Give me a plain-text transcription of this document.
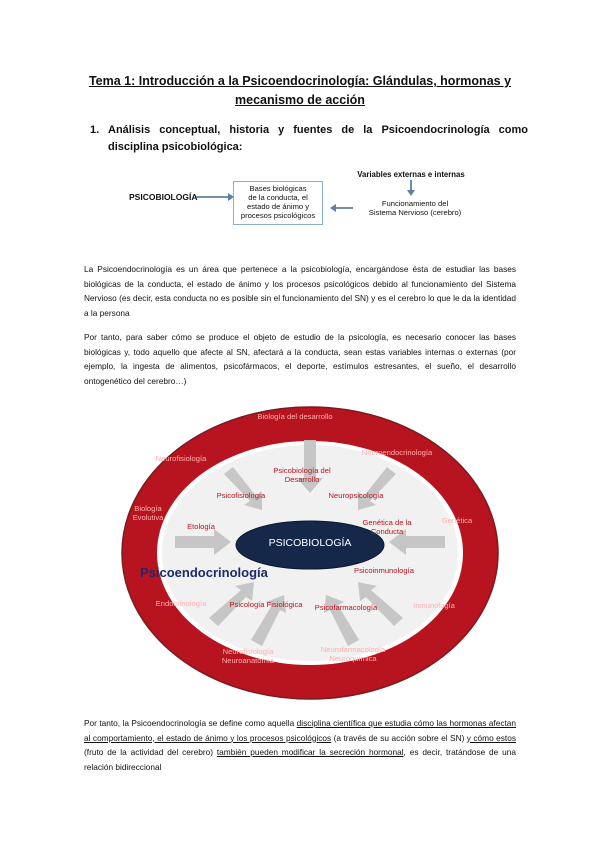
Tema 1: Introducción a la Psicoendocrinología: Glándulas, hormonas y
mecanismo de acción
1. Análisis conceptual, historia y fuentes de la Psicoendocrinología como
disciplina psicobiológica:
PSICOBIOLOGÍA
Bases biológicas
de la conducta, el
estado de ánimo y
procesos psicológicos
Variables externas e internas
Funcionamiento del
Sistema Nervioso (cerebro)
La Psicoendocrinología es un área que pertenece a la psicobiología, encargándose ésta de estudiar las bases biológicas de la conducta, el estado de ánimo y los procesos psicológicos debido al funcionamiento del Sistema Nervioso (es decir, esta conducta no es posible sin el funcionamiento del SN) y es el cerebro lo que le da la identidad a la persona
Por tanto, para saber cómo se produce el objeto de estudio de la psicología, es necesario conocer las bases biológicas y, todo aquello que afecte al SN, afectará a la conducta, sean estas variables internas o externas (por ejemplo, la ingesta de alimentos, psicofármacos, el deporte, estímulos estresantes, el sueño, el desarrollo ontogenético del cerebro…)
PSICOBIOLOGÍA
Psicoendocrinología
Biología del desarrollo
Neurofisiología
Neuroendocrinología
Biología Evolutiva	Genética
Endocrinología	Inmunología
Neurofisiología Neuroanatomía
Neurofarmacología Neuroquímica
Psicobiología del Desarrollo
Psicofisiología	Neuropsicología
Etología	Genética de la Conducta
Psicoinmunología
Psicología Fisiológica	Psicofarmacología
Por tanto, la Psicoendocrinología se define como aquella disciplina científica que estudia cómo las hormonas afectan al comportamiento, el estado de ánimo y los procesos psicológicos (a través de su acción sobre el SN) y cómo estos (fruto de la actividad del cerebro) también pueden modificar la secreción hormonal, es decir, tratándose de una relación bidireccional
